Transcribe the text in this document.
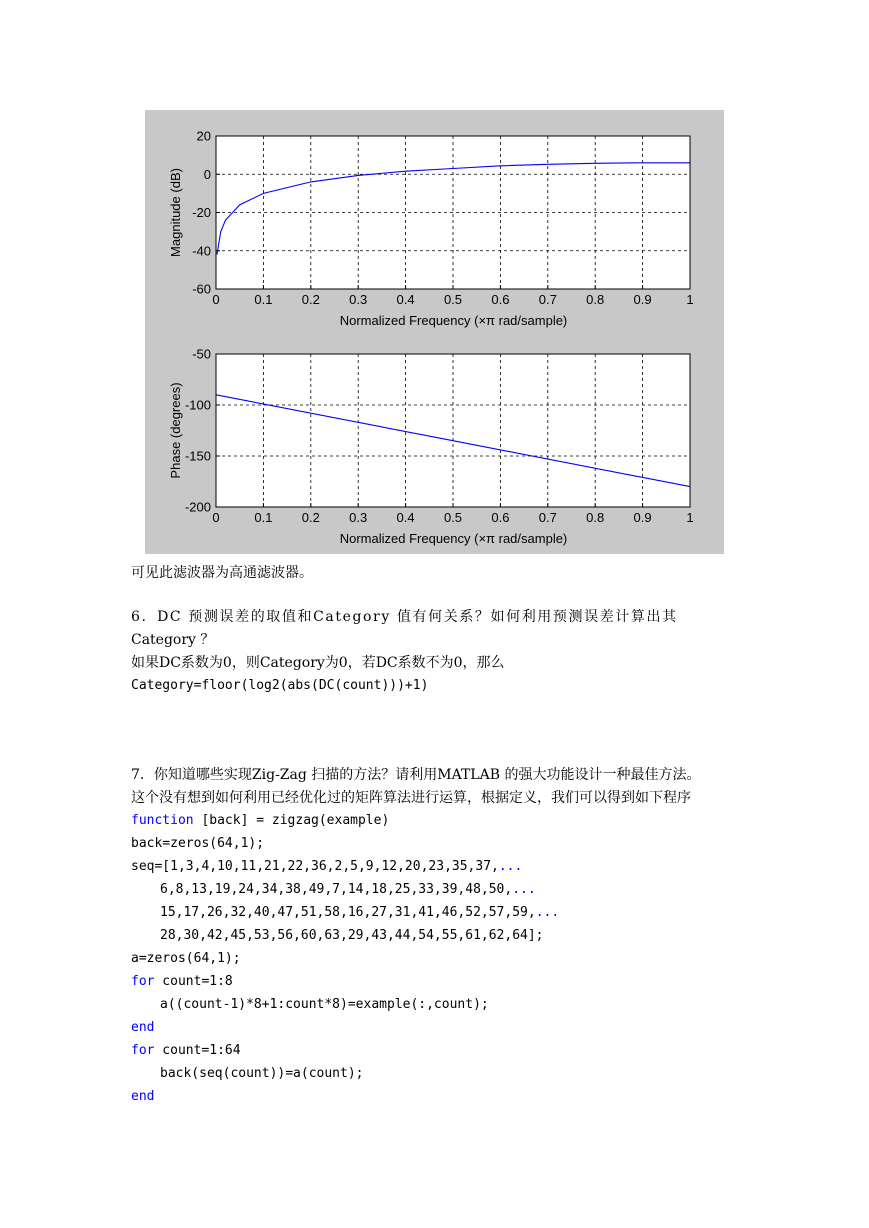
0	0.1 0.2 0.3 0.4 0.5 0.6 0.7 0.8 0.9	1
20
0
-20
-40
-60
Normalized Frequency (×π rad/sample)
Magnitude (dB)
0	0.1 0.2 0.3 0.4 0.5 0.6 0.7 0.8 0.9	1
-50
-100
-150
-200
Normalized Frequency (×π rad/sample)
Phase (degrees)

可见此滤波器为高通滤波器。

6．DC 预测误差的取值和Category 值有何关系？如何利用预测误差计算出其

Category ？

如果DC系数为0，则Category为0，若DC系数不为0，那么

Category=floor(log2(abs(DC(count)))+1)

7．你知道哪些实现Zig-Zag 扫描的方法？请利用MATLAB 的强大功能设计一种最佳方法。

这个没有想到如何利用已经优化过的矩阵算法进行运算，根据定义，我们可以得到如下程序

function [back] = zigzag(example)

back=zeros(64,1);

seq=[1,3,4,10,11,21,22,36,2,5,9,12,20,23,35,37,...

6,8,13,19,24,34,38,49,7,14,18,25,33,39,48,50,...

15,17,26,32,40,47,51,58,16,27,31,41,46,52,57,59,...

28,30,42,45,53,56,60,63,29,43,44,54,55,61,62,64];

a=zeros(64,1);

for count=1:8

a((count-1)*8+1:count*8)=example(:,count);

end

for count=1:64

back(seq(count))=a(count);

end
